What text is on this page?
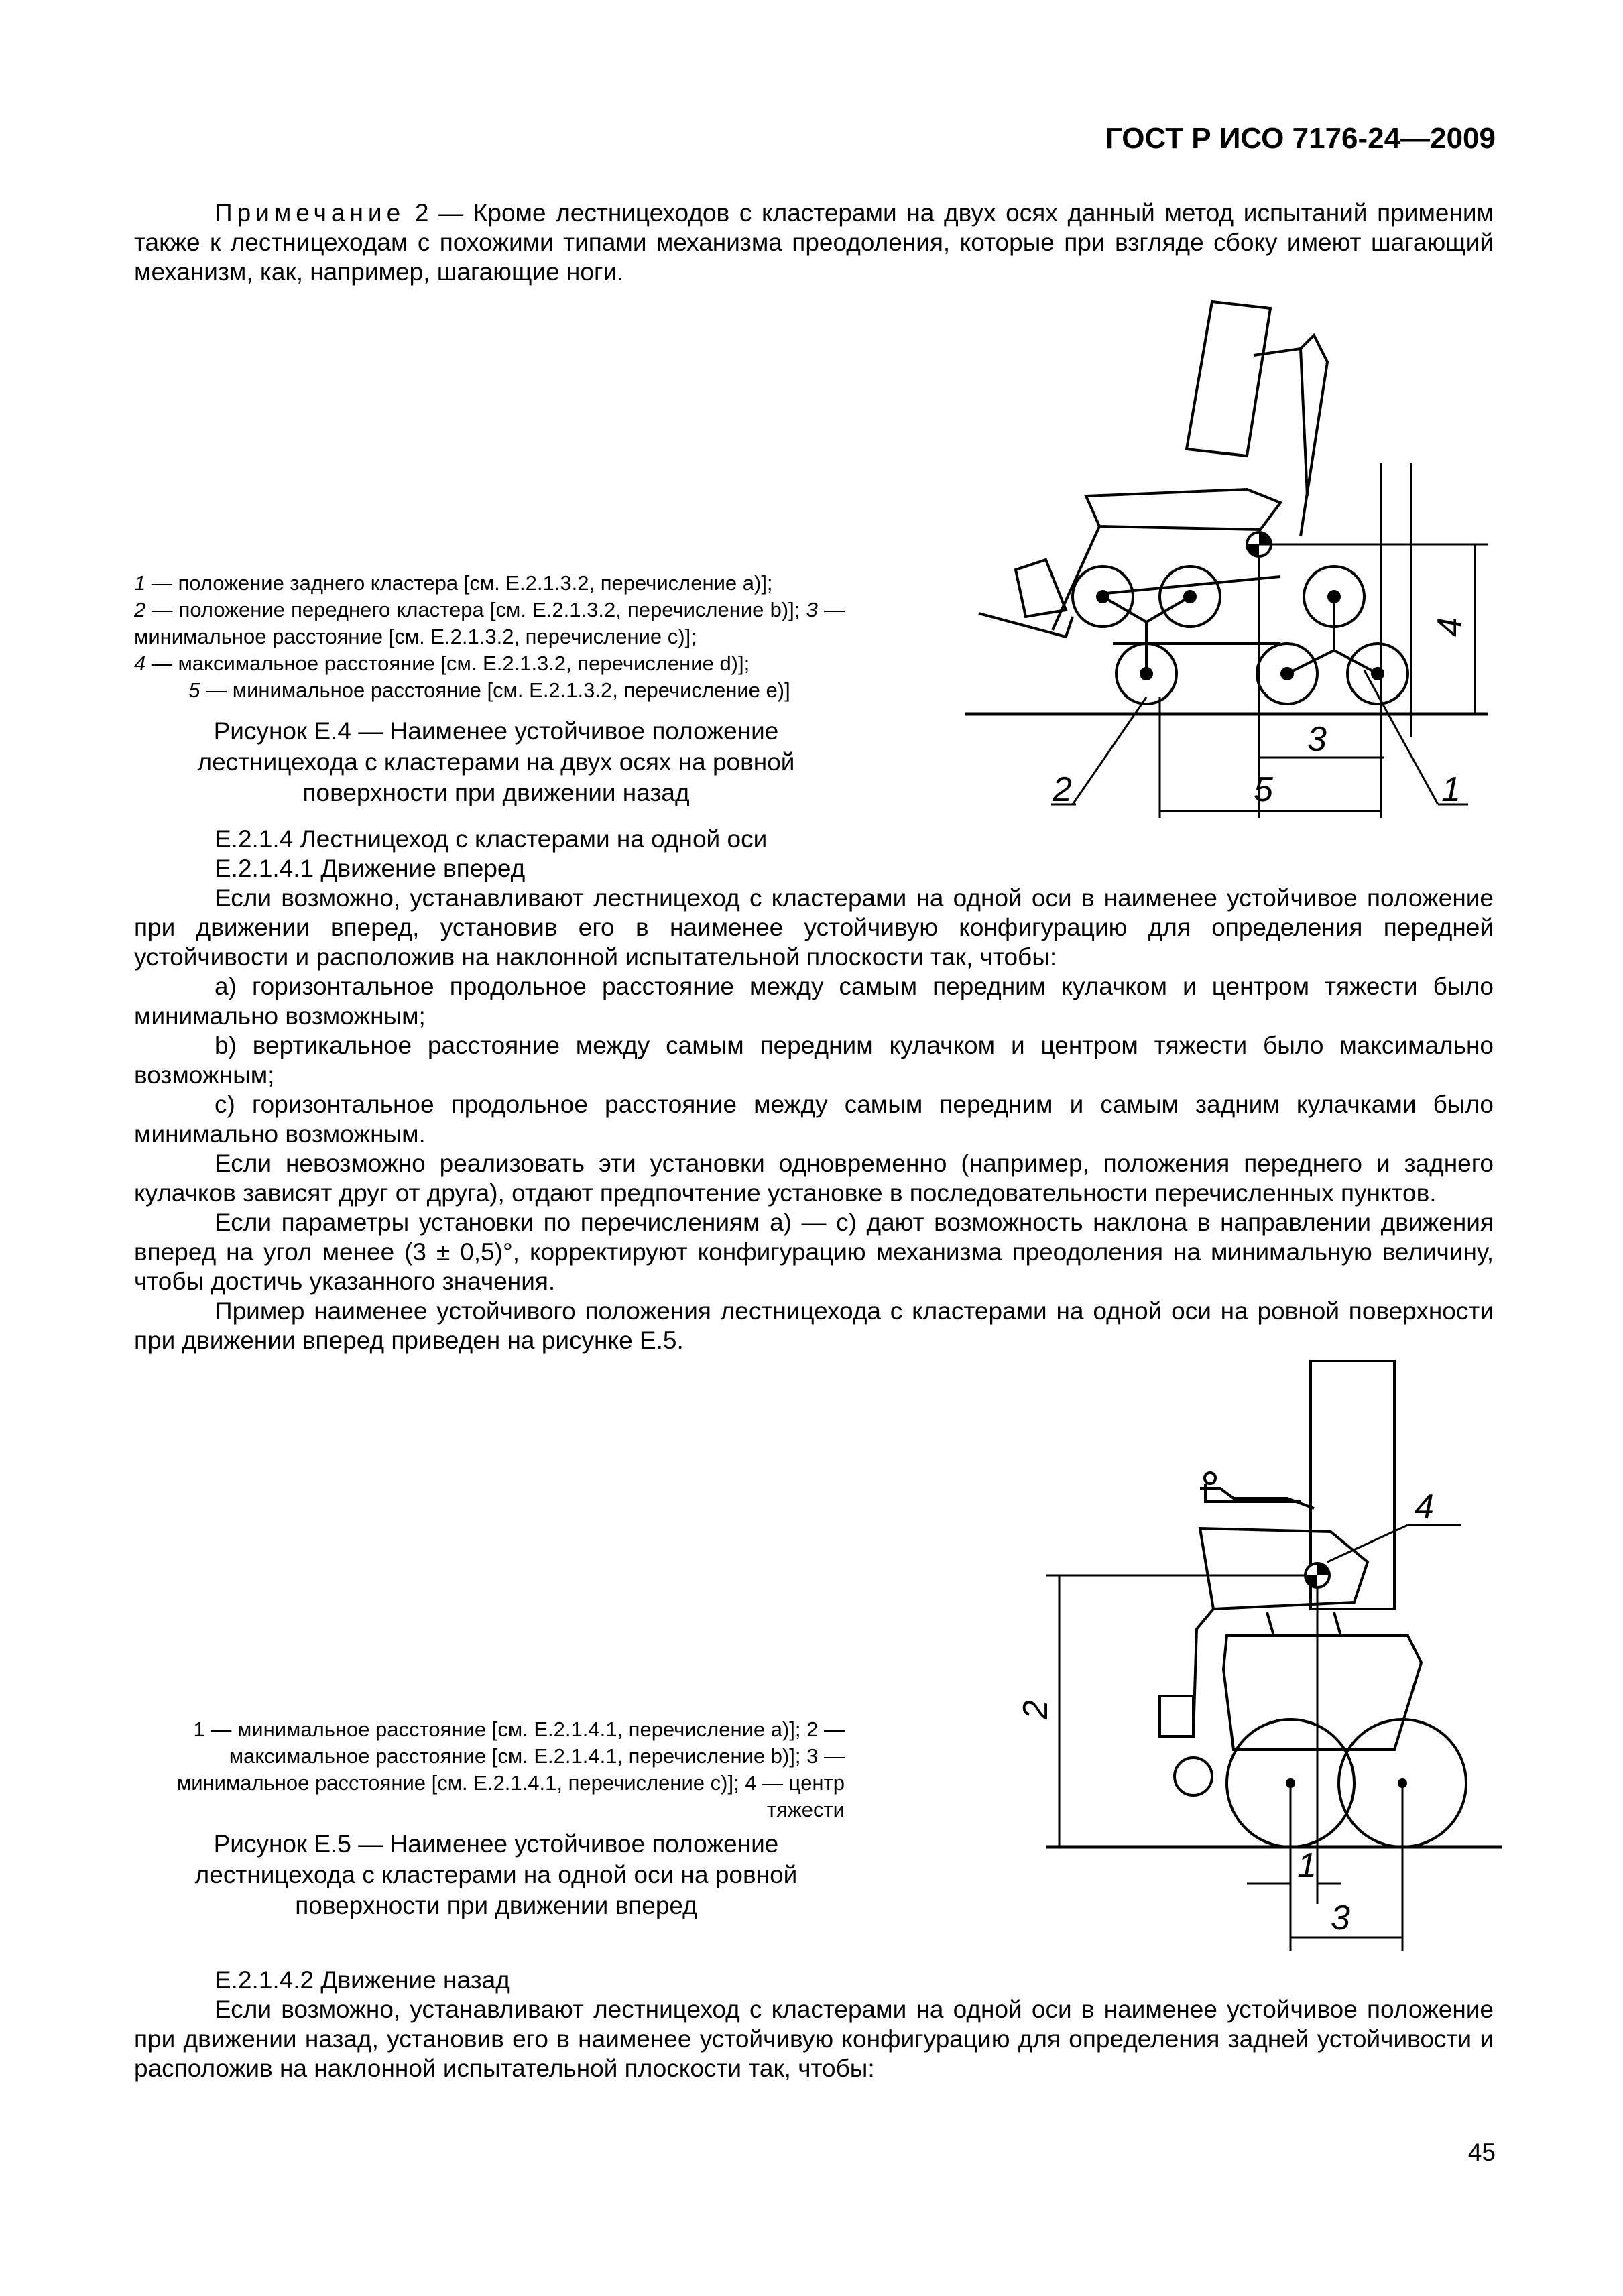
ГОСТ Р ИСО 7176-24—2009

Примечание 2 — Кроме лестницеходов с кластерами на двух осях данный метод испытаний применим также к лестницеходам с похожими типами механизма преодоления, которые при взгляде сбоку имеют шагающий механизм, как, например, шагающие ноги.

1 — положение заднего кластера [см. Е.2.1.3.2, перечисление а)];

2 — положение переднего кластера [см. Е.2.1.3.2, перечисление b)]; 3 — минимальное расстояние [см. Е.2.1.3.2, перечисление с)];

4 — максимальное расстояние [см. Е.2.1.3.2, перечисление d)];

5 — минимальное расстояние [см. Е.2.1.3.2, перечисление е)]

Рисунок Е.4 — Наименее устойчивое положение лестницехода с кластерами на двух осях на ровной поверхности при движении назад
4
3
5
2	1

Е.2.1.4 Лестницеход с кластерами на одной оси

Е.2.1.4.1 Движение вперед

Если возможно, устанавливают лестницеход с кластерами на одной оси в наименее устойчивое положение при движении вперед, установив его в наименее устойчивую конфигурацию для определения передней устойчивости и расположив на наклонной испытательной плоскости так, чтобы:

а) горизонтальное продольное расстояние между самым передним кулачком и центром тяжести было минимально возможным;

b) вертикальное расстояние между самым передним кулачком и центром тяжести было максимально возможным;

с) горизонтальное продольное расстояние между самым передним и самым задним кулачками было минимально возможным.

Если невозможно реализовать эти установки одновременно (например, положения переднего и заднего кулачков зависят друг от друга), отдают предпочтение установке в последовательности перечисленных пунктов.

Если параметры установки по перечислениям а) — с) дают возможность наклона в направлении движения вперед на угол менее (3 ± 0,5)°, корректируют конфигурацию механизма преодоления на минимальную величину, чтобы достичь указанного значения.

Пример наименее устойчивого положения лестницехода с кластерами на одной оси на ровной поверхности при движении вперед приведен на рисунке Е.5.

1 — минимальное расстояние [см. Е.2.1.4.1, перечисление а)]; 2 — максимальное расстояние [см. Е.2.1.4.1, перечисление b)]; 3 — минимальное расстояние [см. Е.2.1.4.1, перечисление с)]; 4 — центр тяжести
Рисунок Е.5 — Наименее устойчивое положение лестницехода с кластерами на одной оси на ровной поверхности при движении вперед
4
2
1
3

Е.2.1.4.2 Движение назад

Если возможно, устанавливают лестницеход с кластерами на одной оси в наименее устойчивое положение при движении назад, установив его в наименее устойчивую конфигурацию для определения задней устойчивости и расположив на наклонной испытательной плоскости так, чтобы:

45
